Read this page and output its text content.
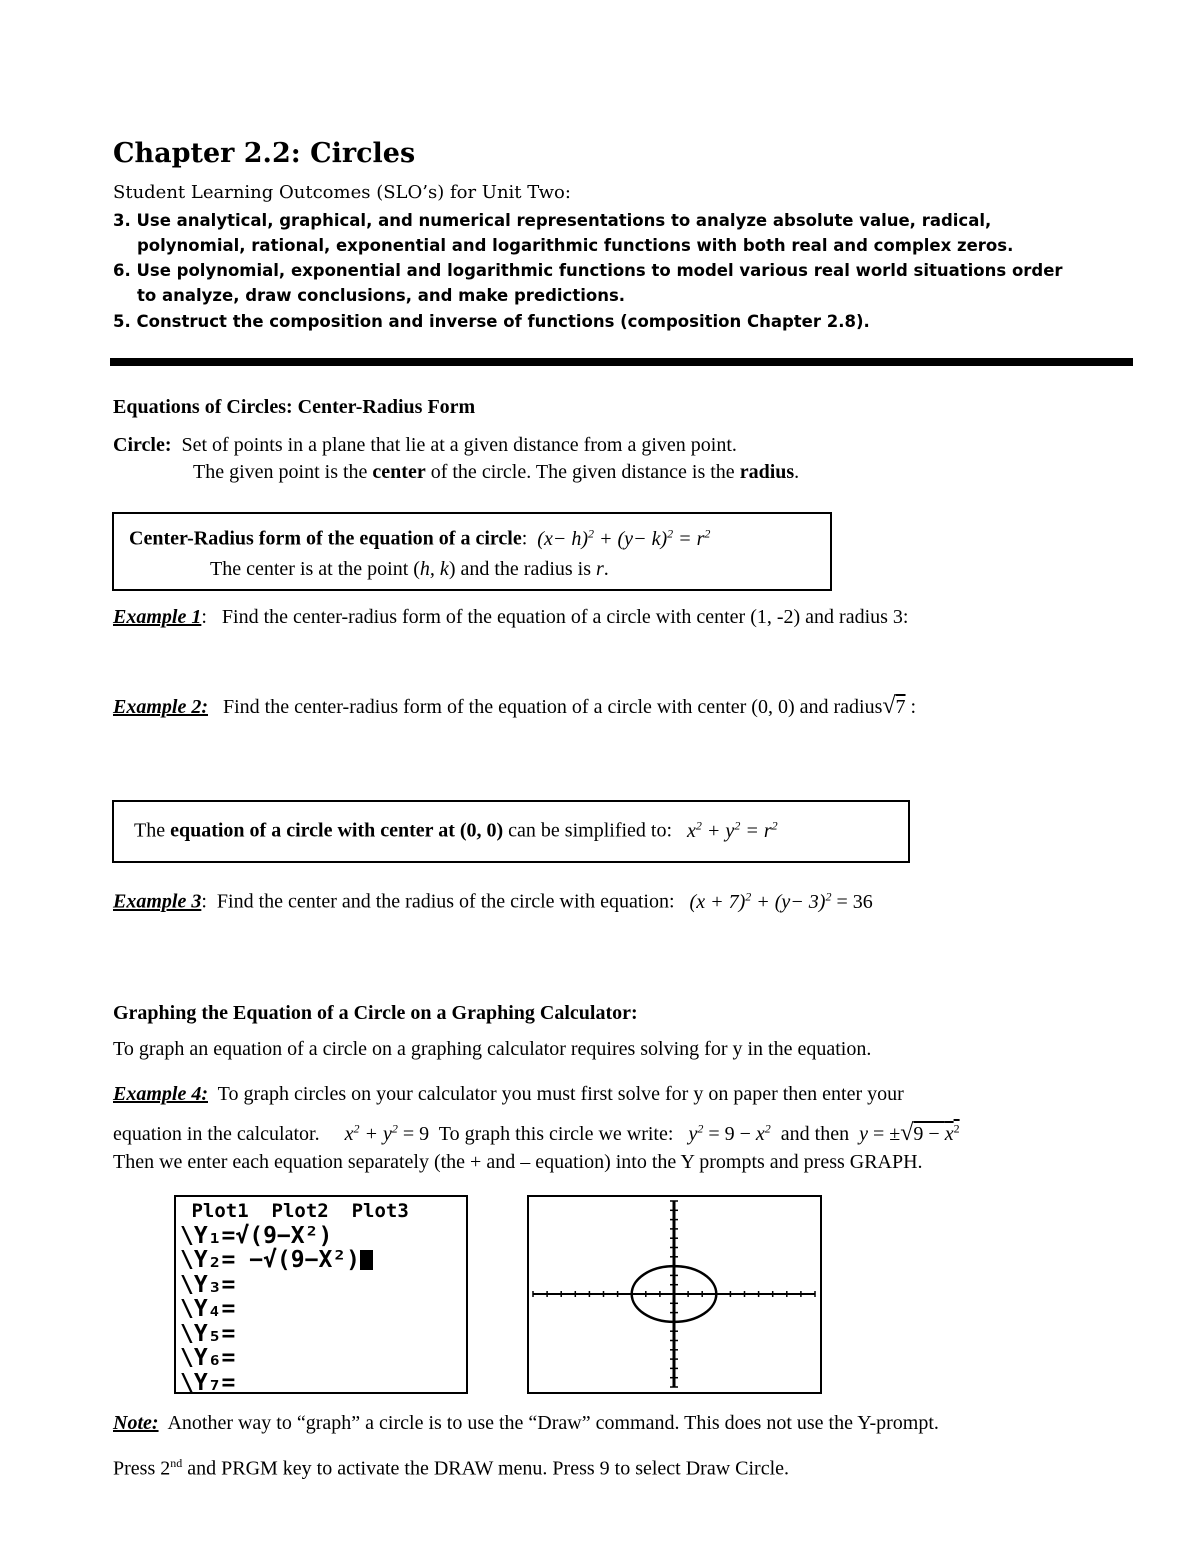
Chapter 2.2: Circles
Student Learning Outcomes (SLO’s) for Unit Two:
3. Use analytical, graphical, and numerical representations to analyze absolute value, radical,
polynomial, rational, exponential and logarithmic functions with both real and complex zeros.
6. Use polynomial, exponential and logarithmic functions to model various real world situations order
to analyze, draw conclusions, and make predictions.
5. Construct the composition and inverse of functions (composition Chapter 2.8).
Equations of Circles: Center-Radius Form
Circle: Set of points in a plane that lie at a given distance from a given point.
The given point is the center of the circle. The given distance is the radius.
Center-Radius form of the equation of a circle: $(x- h)^2 + (y- k)^2 = r^2$
The center is at the point (h, k) and the radius is r.
Example 1: Find the center-radius form of the equation of a circle with center (1, -2) and radius 3:
Example 2: Find the center-radius form of the equation of a circle with center (0, 0) and radius√7 :
The equation of a circle with center at (0, 0) can be simplified to: $x^2 + y^2 = r^2$
Example 3: Find the center and the radius of the circle with equation: $(x + 7)^2 + (y- 3)^2 = 36$
Graphing the Equation of a Circle on a Graphing Calculator:
To graph an equation of a circle on a graphing calculator requires solving for y in the equation.
Example 4: To graph circles on your calculator you must first solve for y on paper then enter your
equation in the calculator. $x^2 + y^2 = 9$ To graph this circle we write: $y^2 = 9 - x^2$ and then $y = \pm√9 - x^2$
Then we enter each equation separately (the + and – equation) into the Y prompts and press GRAPH.
Plot1  Plot2  Plot3
\Y₁=√(9−X²)
\Y₂= −√(9−X²)
\Y₃=
\Y₄=
\Y₅=
\Y₆=
\Y₇=
Note: Another way to “graph” a circle is to use the “Draw” command. This does not use the Y-prompt.
Press 2nd and PRGM key to activate the DRAW menu. Press 9 to select Draw Circle.
